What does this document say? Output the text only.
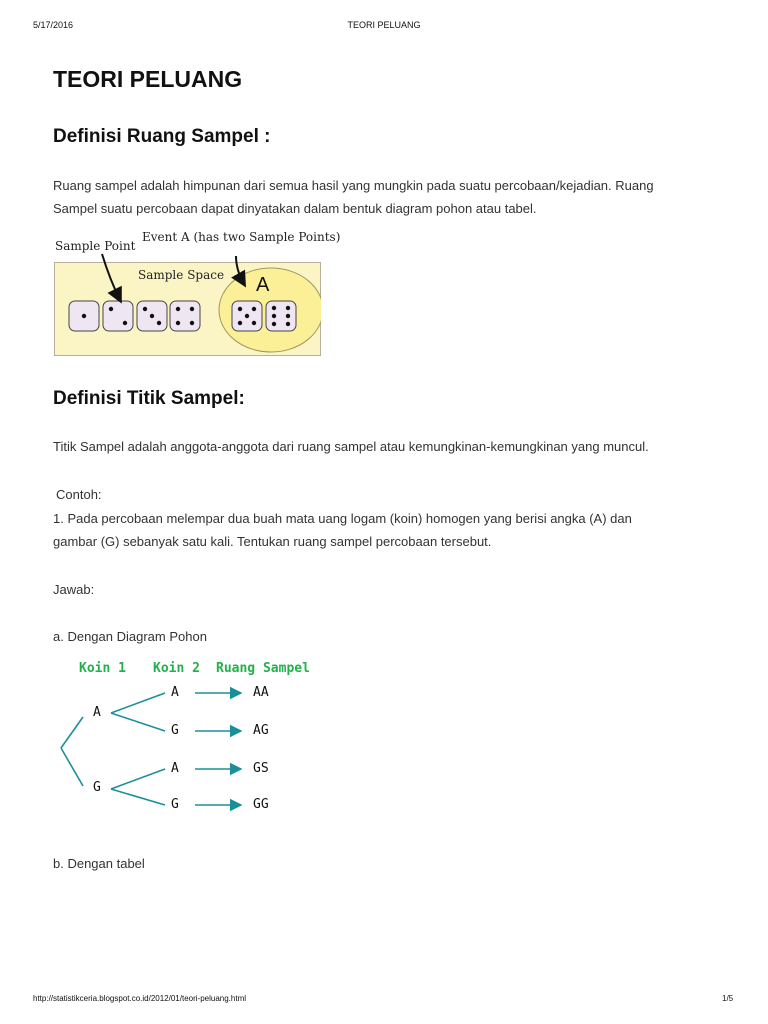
5/17/2016	TEORI PELUANG
TEORI PELUANG
Definisi Ruang Sampel :

Ruang sampel adalah himpunan dari semua hasil yang mungkin pada suatu percobaan/kejadian. Ruang

Sampel suatu percobaan dapat dinyatakan dalam bentuk diagram pohon atau tabel.

Sample Point
Event A (has two Sample Points)
Sample Space A
Definisi Titik Sampel:

Titik Sampel adalah anggota-anggota dari ruang sampel atau kemungkinan-kemungkinan yang muncul.

Contoh:

1. Pada percobaan melempar dua buah mata uang logam (koin) homogen yang berisi angka (A) dan

gambar (G) sebanyak satu kali. Tentukan ruang sampel percobaan tersebut.

Jawab:

a. Dengan Diagram Pohon

Koin 1 Koin 2 Ruang Sampel
A
G
A
G
A
G
AA
AG
GS
GG

b. Dengan tabel

http://statistikceria.blogspot.co.id/2012/01/teori-peluang.html	1/5
